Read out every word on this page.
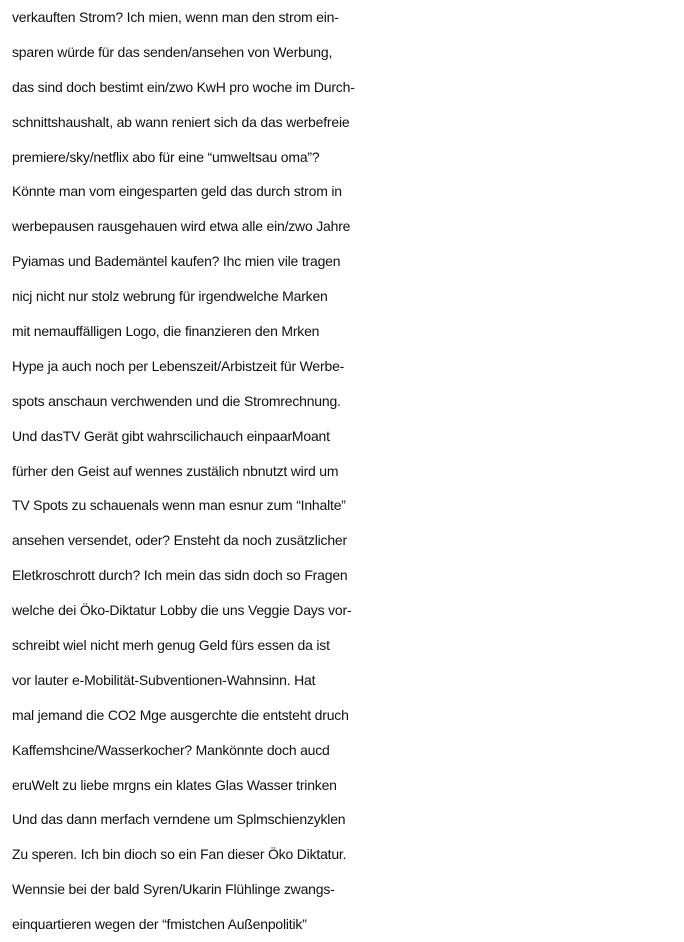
verkauften Strom? Ich mien, wenn man den strom ein-
sparen würde für das senden/ansehen von Werbung,
das sind doch bestimt ein/zwo KwH pro woche im Durch-
schnittshaushalt, ab wann reniert sich da das werbefreie
premiere/sky/netflix abo für eine “umweltsau oma”?
Könnte man vom eingesparten geld das durch strom in
werbepausen rausgehauen wird etwa alle ein/zwo Jahre
Pyiamas und Bademäntel kaufen? Ihc mien vile tragen
nicj nicht nur stolz webrung für irgendwelche Marken
mit nemauffälligen Logo, die finanzieren den Mrken
Hype ja auch noch per Lebenszeit/Arbistzeit für Werbe-
spots anschaun verchwenden und die Stromrechnung.
Und dasTV Gerät gibt wahrscilichauch einpaarMoant
fürher den Geist auf wennes zustälich nbnutzt wird um
TV Spots zu schauenals wenn man esnur zum “Inhalte”
ansehen versendet, oder? Ensteht da noch zusätzlicher
Eletkroschrott durch? Ich mein das sidn doch so Fragen
welche dei Öko-Diktatur Lobby die uns Veggie Days vor-
schreibt wiel nicht merh genug Geld fürs essen da ist
vor lauter e-Mobilität-Subventionen-Wahnsinn. Hat
mal jemand die CO2 Mge ausgerchte die entsteht druch
Kaffemshcine/Wasserkocher? Mankönnte doch aucd
eruWelt zu liebe mrgns ein klates Glas Wasser trinken
Und das dann merfach verndene um Splmschienzyklen
Zu speren. Ich bin dioch so ein Fan dieser Öko Diktatur.
Wennsie bei der bald Syren/Ukarin Flühlinge zwangs-
einquartieren wegen der “fmistchen Außenpolitik”
